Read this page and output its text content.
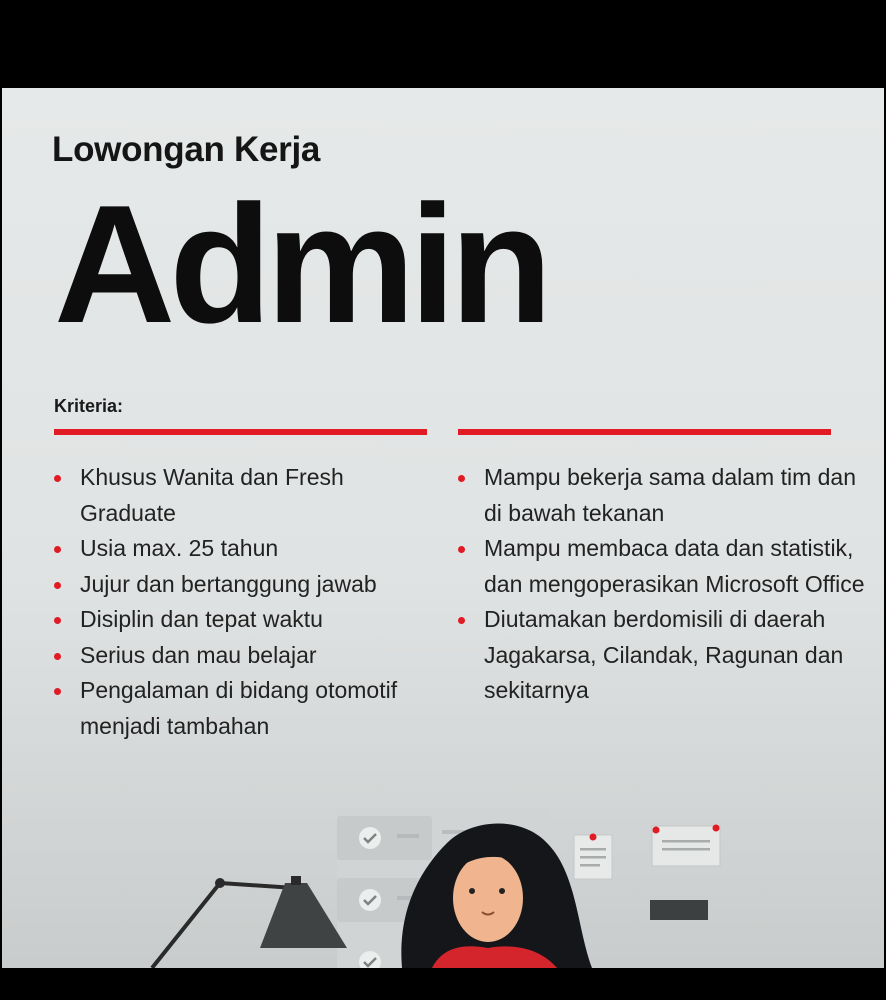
Lowongan Kerja
Admin

Kriteria:

Khusus Wanita dan Fresh Graduate
Usia max. 25 tahun
Jujur dan bertanggung jawab
Disiplin dan tepat waktu
Serius dan mau belajar
Pengalaman di bidang otomotif menjadi tambahan
Mampu bekerja sama dalam tim dan di bawah tekanan
Mampu membaca data dan statistik, dan mengoperasikan Microsoft Office
Diutamakan berdomisili di daerah Jagakarsa, Cilandak, Ragunan dan sekitarnya
